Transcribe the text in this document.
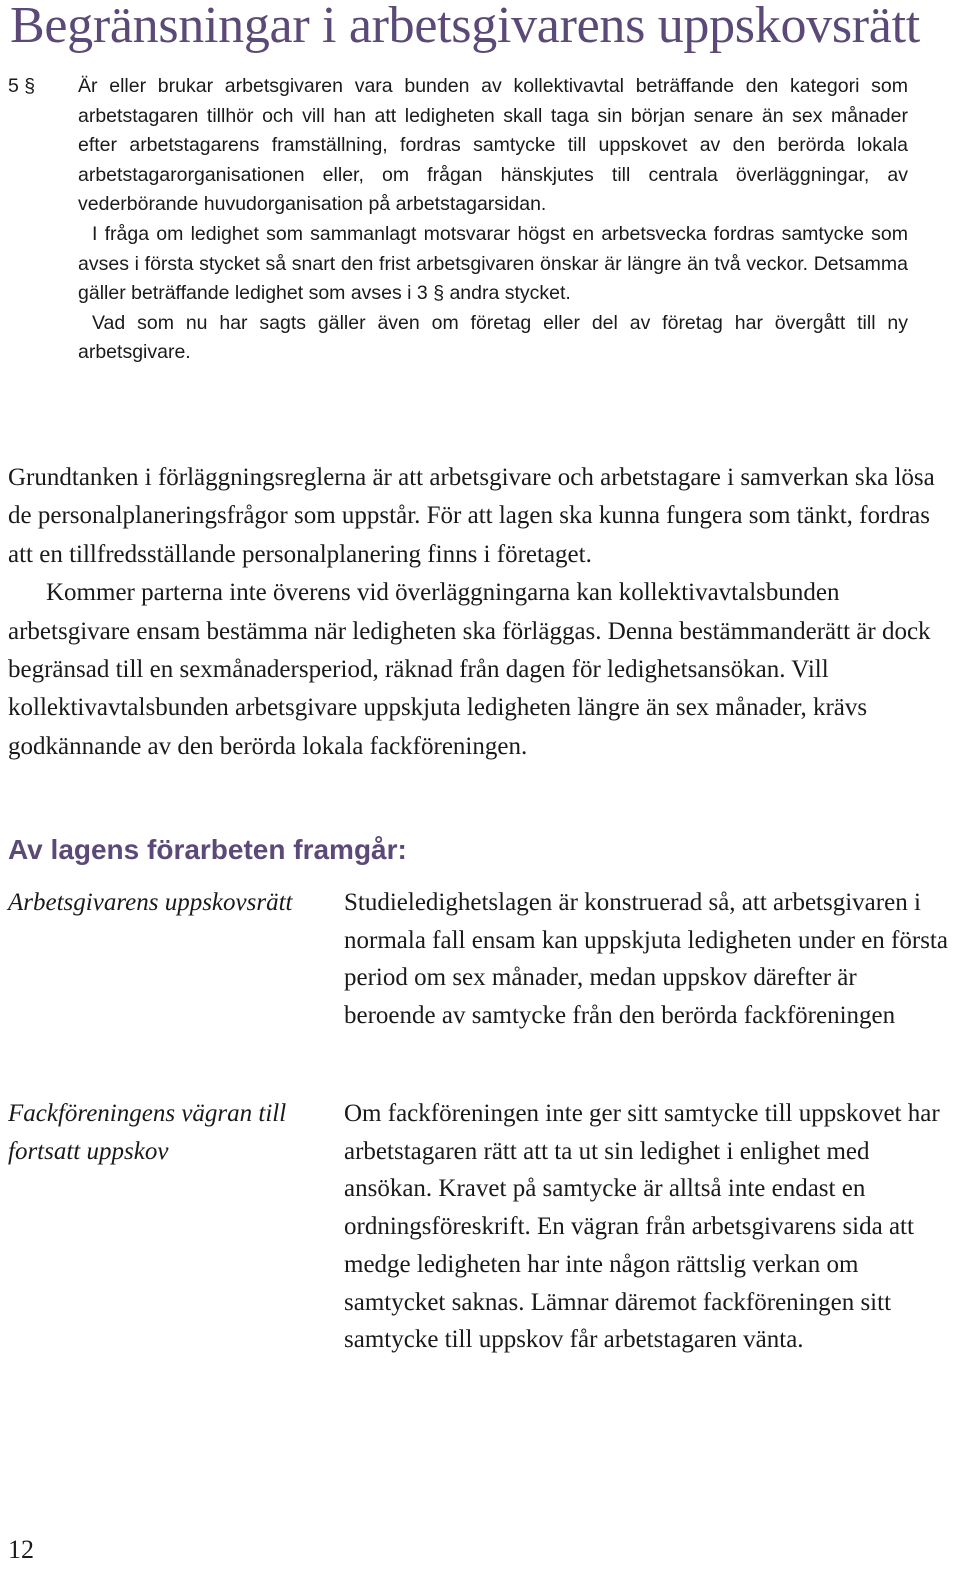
Begränsningar i arbetsgivarens uppskovsrätt
5 § Är eller brukar arbetsgivaren vara bunden av kollektivavtal beträffande den kategori som arbetstagaren tillhör och vill han att ledigheten skall taga sin början senare än sex månader efter arbetstagarens framställning, fordras samtycke till uppskovet av den berörda lokala arbetstagarorganisationen eller, om frågan hänskjutes till centrala överläggningar, av vederbörande huvudorganisation på arbetstagarsidan.

I fråga om ledighet som sammanlagt motsvarar högst en arbetsvecka fordras samtycke som avses i första stycket så snart den frist arbetsgivaren önskar är längre än två veckor. Detsamma gäller beträffande ledighet som avses i 3 § andra stycket.

Vad som nu har sagts gäller även om företag eller del av företag har övergått till ny arbetsgivare.

Grundtanken i förläggningsreglerna är att arbetsgivare och arbetstagare i samverkan ska lösa de personalplaneringsfrågor som uppstår. För att lagen ska kunna fungera som tänkt, fordras att en tillfredsställande personalplanering finns i företaget.

Kommer parterna inte överens vid överläggningarna kan kollektivavtalsbunden arbetsgivare ensam bestämma när ledigheten ska förläggas. Denna bestämmanderätt är dock begränsad till en sexmånadersperiod, räknad från dagen för ledighetsansökan. Vill kollektivavtalsbunden arbetsgivare uppskjuta ledigheten längre än sex månader, krävs godkännande av den berörda lokala fackföreningen.

Av lagens förarbeten framgår:
Arbetsgivarens uppskovsrätt	Studieledighetslagen är konstruerad så, att arbetsgivaren i normala fall ensam kan uppskjuta ledigheten under en första period om sex månader, medan uppskov därefter är beroende av samtycke från den berörda fackföreningen
Fackföreningens vägran till fortsatt uppskov
Om fackföreningen inte ger sitt samtycke till uppskovet har arbetstagaren rätt att ta ut sin ledighet i enlighet med ansökan. Kravet på samtycke är alltså inte endast en ordningsföreskrift. En vägran från arbetsgivarens sida att medge ledigheten har inte någon rättslig verkan om samtycket saknas. Lämnar däremot fackföreningen sitt samtycke till uppskov får arbetstagaren vänta.
12
